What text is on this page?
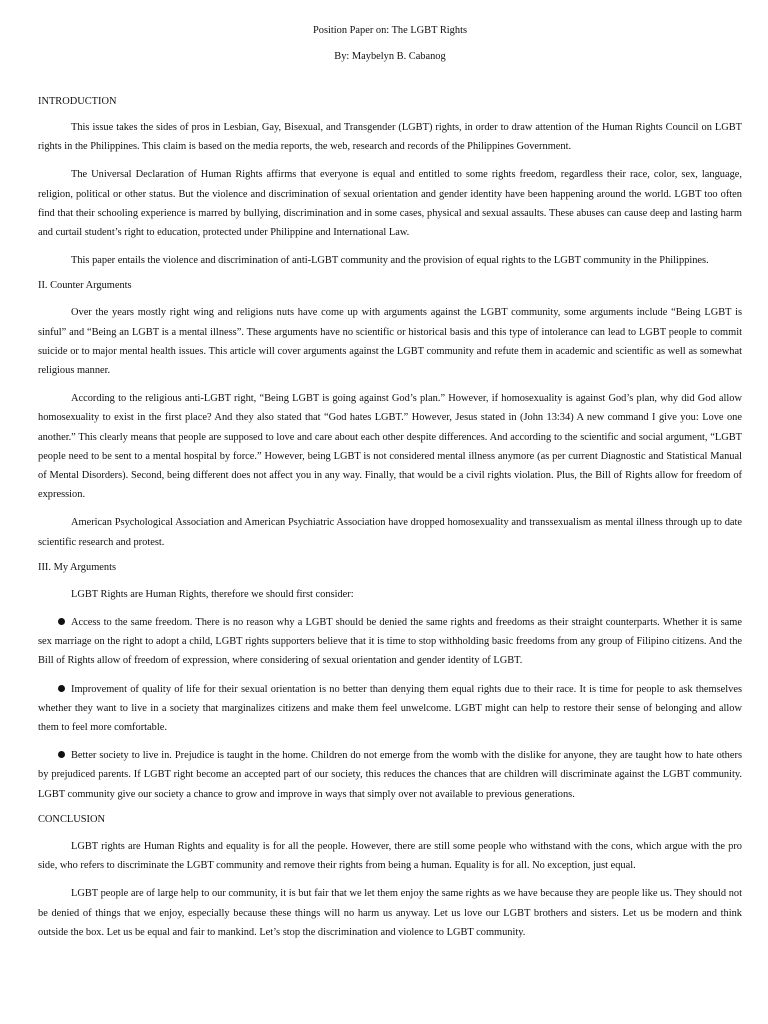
Position Paper on: The LGBT Rights

By: Maybelyn B. Cabanog

INTRODUCTION

This issue takes the sides of pros in Lesbian, Gay, Bisexual, and Transgender (LGBT) rights, in order to draw attention of the Human Rights Council on LGBT rights in the Philippines. This claim is based on the media reports, the web, research and records of the Philippines Government.

The Universal Declaration of Human Rights affirms that everyone is equal and entitled to some rights freedom, regardless their race, color, sex, language, religion, political or other status. But the violence and discrimination of sexual orientation and gender identity have been happening around the world. LGBT too often find that their schooling experience is marred by bullying, discrimination and in some cases, physical and sexual assaults. These abuses can cause deep and lasting harm and curtail student’s right to education, protected under Philippine and International Law.

This paper entails the violence and discrimination of anti-LGBT community and the provision of equal rights to the LGBT community in the Philippines.

II. Counter Arguments

Over the years mostly right wing and religions nuts have come up with arguments against the LGBT community, some arguments include “Being LGBT is sinful” and “Being an LGBT is a mental illness”. These arguments have no scientific or historical basis and this type of intolerance can lead to LGBT people to commit suicide or to major mental health issues. This article will cover arguments against the LGBT community and refute them in academic and scientific as well as somewhat religious manner.

According to the religious anti-LGBT right, “Being LGBT is going against God’s plan.” However, if homosexuality is against God’s plan, why did God allow homosexuality to exist in the first place? And they also stated that “God hates LGBT.” However, Jesus stated in (John 13:34) A new command I give you: Love one another.” This clearly means that people are supposed to love and care about each other despite differences. And according to the scientific and social argument, “LGBT people need to be sent to a mental hospital by force.” However, being LGBT is not considered mental illness anymore (as per current Diagnostic and Statistical Manual of Mental Disorders). Second, being different does not affect you in any way. Finally, that would be a civil rights violation. Plus, the Bill of Rights allow for freedom of expression.

American Psychological Association and American Psychiatric Association have dropped homosexuality and transsexualism as mental illness through up to date scientific research and protest.

III. My Arguments

LGBT Rights are Human Rights, therefore we should first consider:

Access to the same freedom. There is no reason why a LGBT should be denied the same rights and freedoms as their straight counterparts. Whether it is same sex marriage on the right to adopt a child, LGBT rights supporters believe that it is time to stop withholding basic freedoms from any group of Filipino citizens. And the Bill of Rights allow of freedom of expression, where considering of sexual orientation and gender identity of LGBT.
Improvement of quality of life for their sexual orientation is no better than denying them equal rights due to their race. It is time for people to ask themselves whether they want to live in a society that marginalizes citizens and make them feel unwelcome. LGBT might can help to restore their sense of belonging and allow them to feel more comfortable.
Better society to live in. Prejudice is taught in the home. Children do not emerge from the womb with the dislike for anyone, they are taught how to hate others by prejudiced parents. If LGBT right become an accepted part of our society, this reduces the chances that are children will discriminate against the LGBT community. LGBT community give our society a chance to grow and improve in ways that simply over not available to previous generations.

CONCLUSION

LGBT rights are Human Rights and equality is for all the people. However, there are still some people who withstand with the cons, which argue with the pro side, who refers to discriminate the LGBT community and remove their rights from being a human. Equality is for all. No exception, just equal.

LGBT people are of large help to our community, it is but fair that we let them enjoy the same rights as we have because they are people like us. They should not be denied of things that we enjoy, especially because these things will no harm us anyway. Let us love our LGBT brothers and sisters. Let us be modern and think outside the box. Let us be equal and fair to mankind. Let’s stop the discrimination and violence to LGBT community.
